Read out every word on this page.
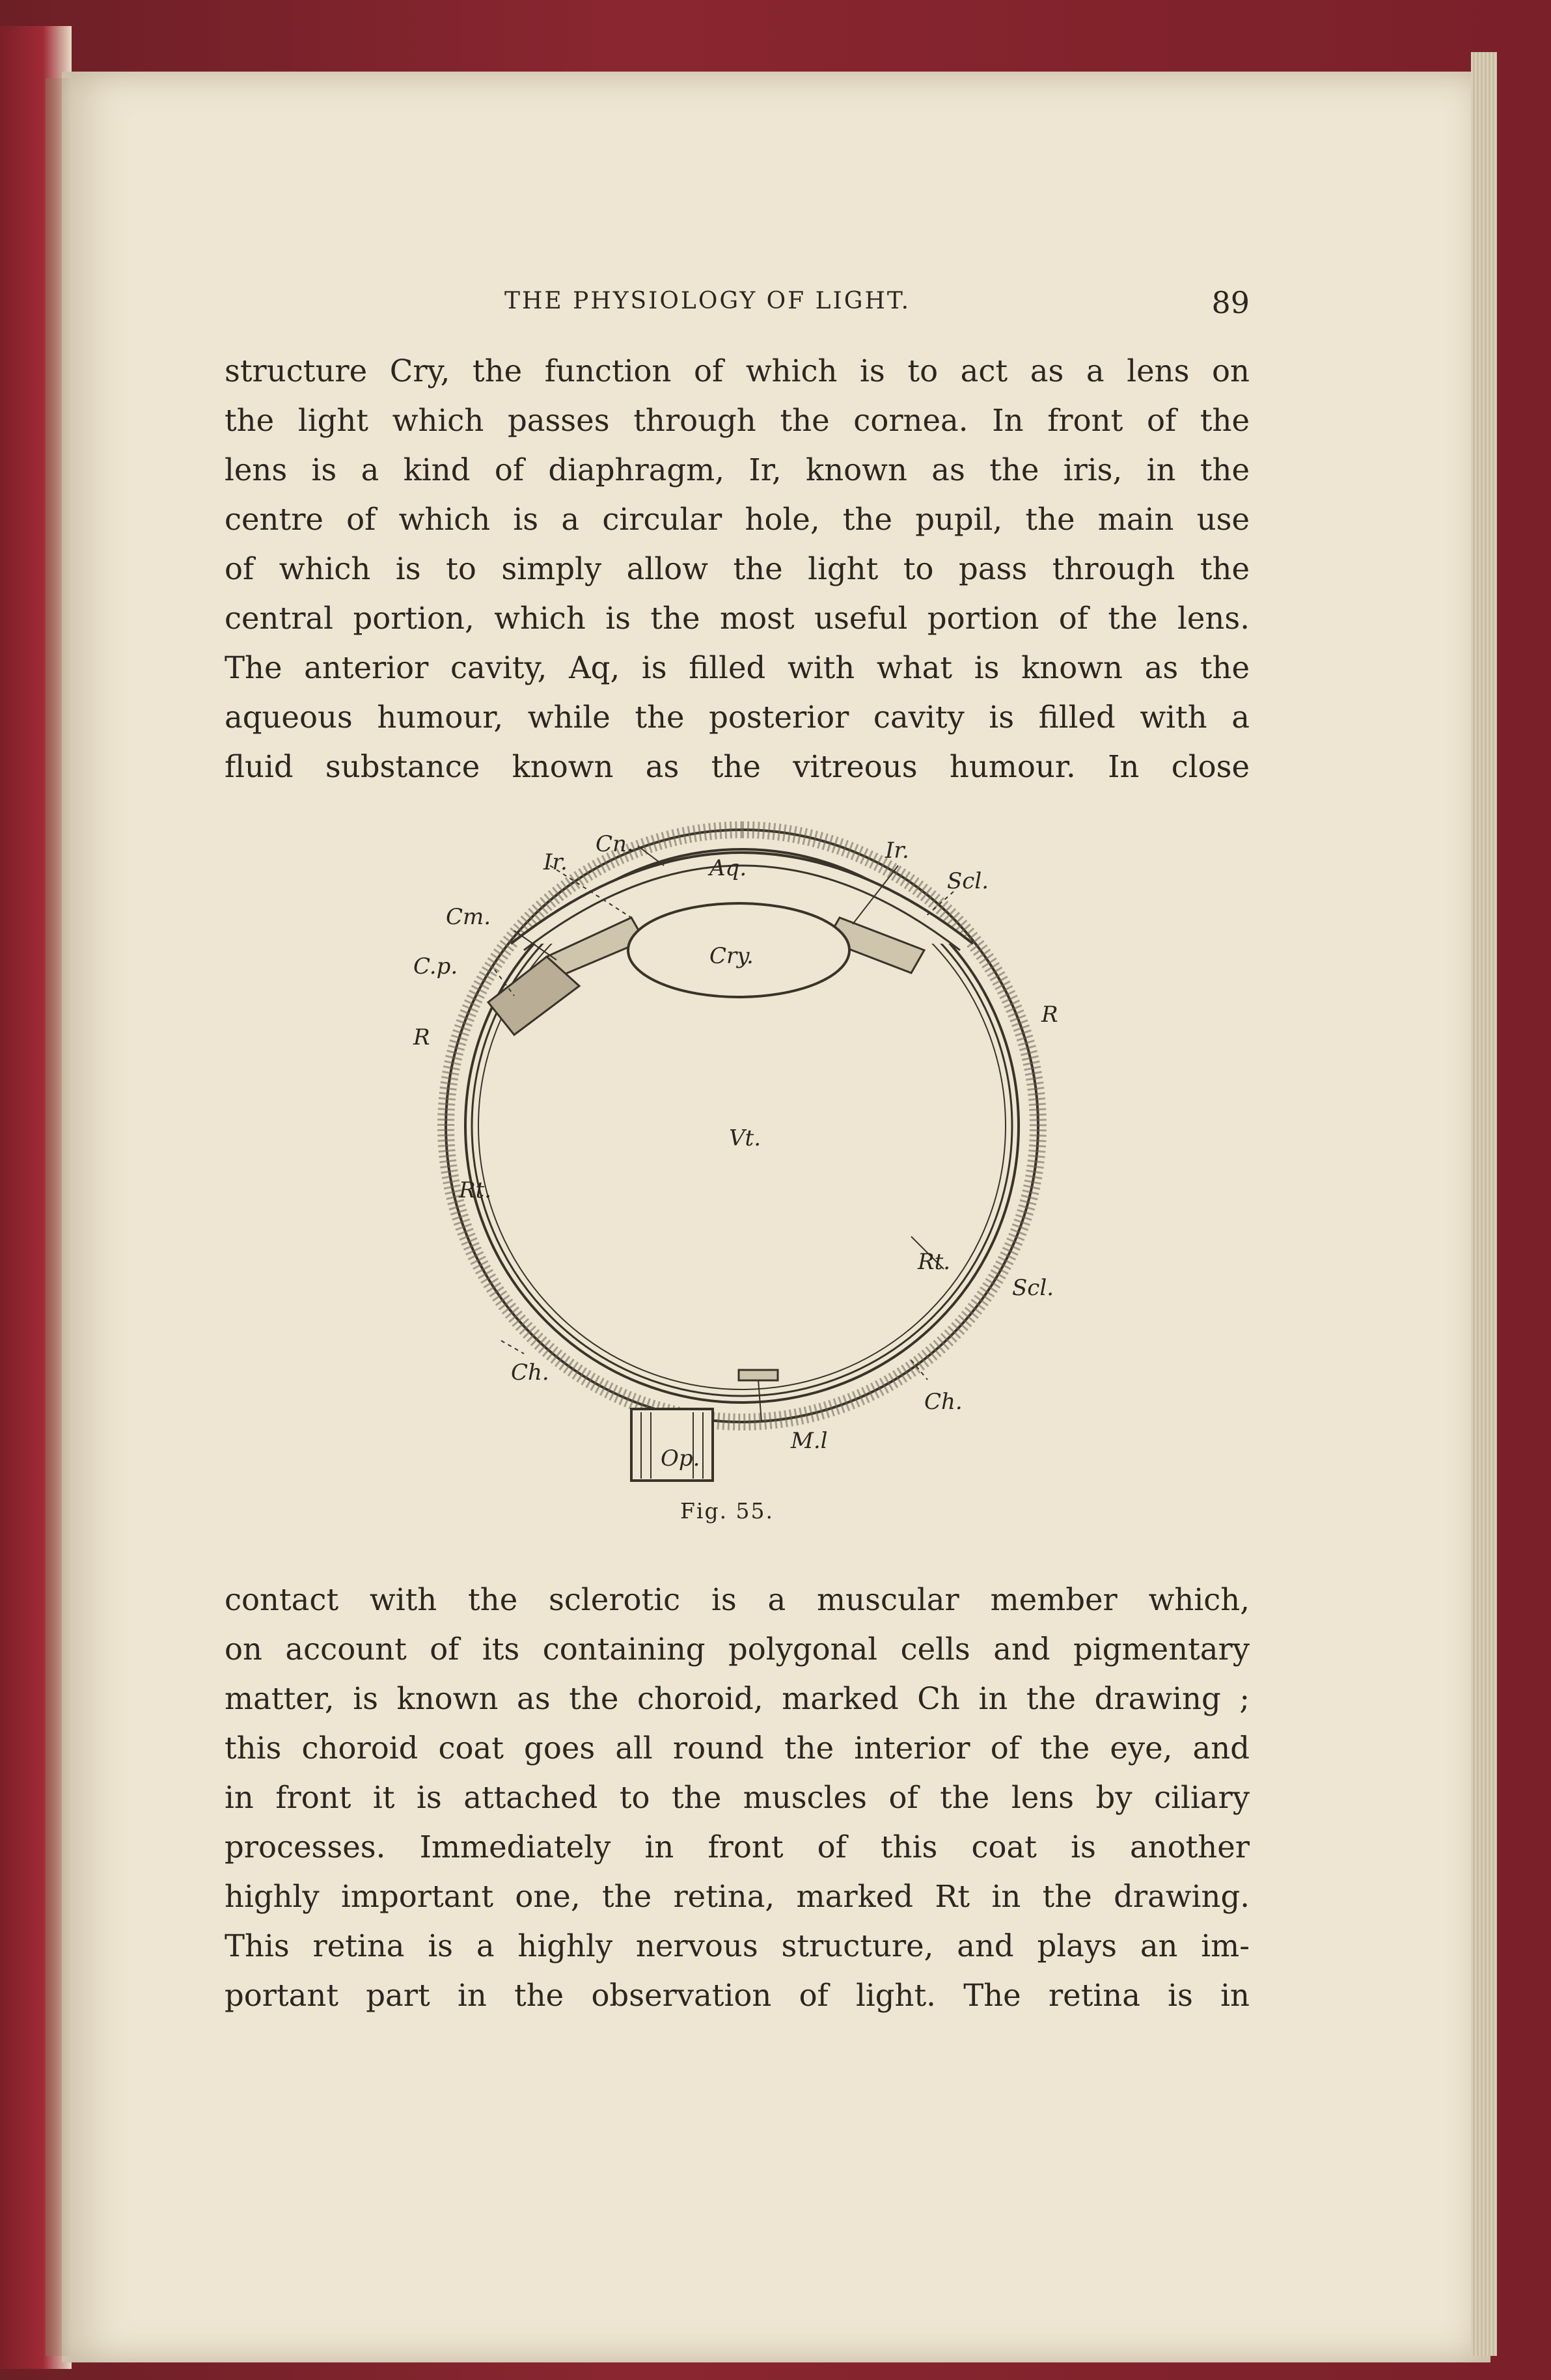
THE PHYSIOLOGY OF LIGHT.	89

structure Cry, the function of which is to act as a lens on
the light which passes through the cornea. In front of the
lens is a kind of diaphragm, Ir, known as the iris, in the
centre of which is a circular hole, the pupil, the main use
of which is to simply allow the light to pass through the
central portion, which is the most useful portion of the lens.
The anterior cavity, Aq, is filled with what is known as the
aqueous humour, while the posterior cavity is filled with a
fluid substance known as the vitreous humour. In close

Cn.
Ir.	Aq.
Ir.
Scl.
Cm.
C.p.	Cry.
R
R
Vt.
Rt.
Rt.
Scl.
Ch.
Ch.
Op.
M.l
Fig. 55.

contact with the sclerotic is a muscular member which,
on account of its containing polygonal cells and pigmentary
matter, is known as the choroid, marked Ch in the drawing ;
this choroid coat goes all round the interior of the eye, and
in front it is attached to the muscles of the lens by ciliary
processes. Immediately in front of this coat is another
highly important one, the retina, marked Rt in the drawing.
This retina is a highly nervous structure, and plays an im-
portant part in the observation of light. The retina is in
